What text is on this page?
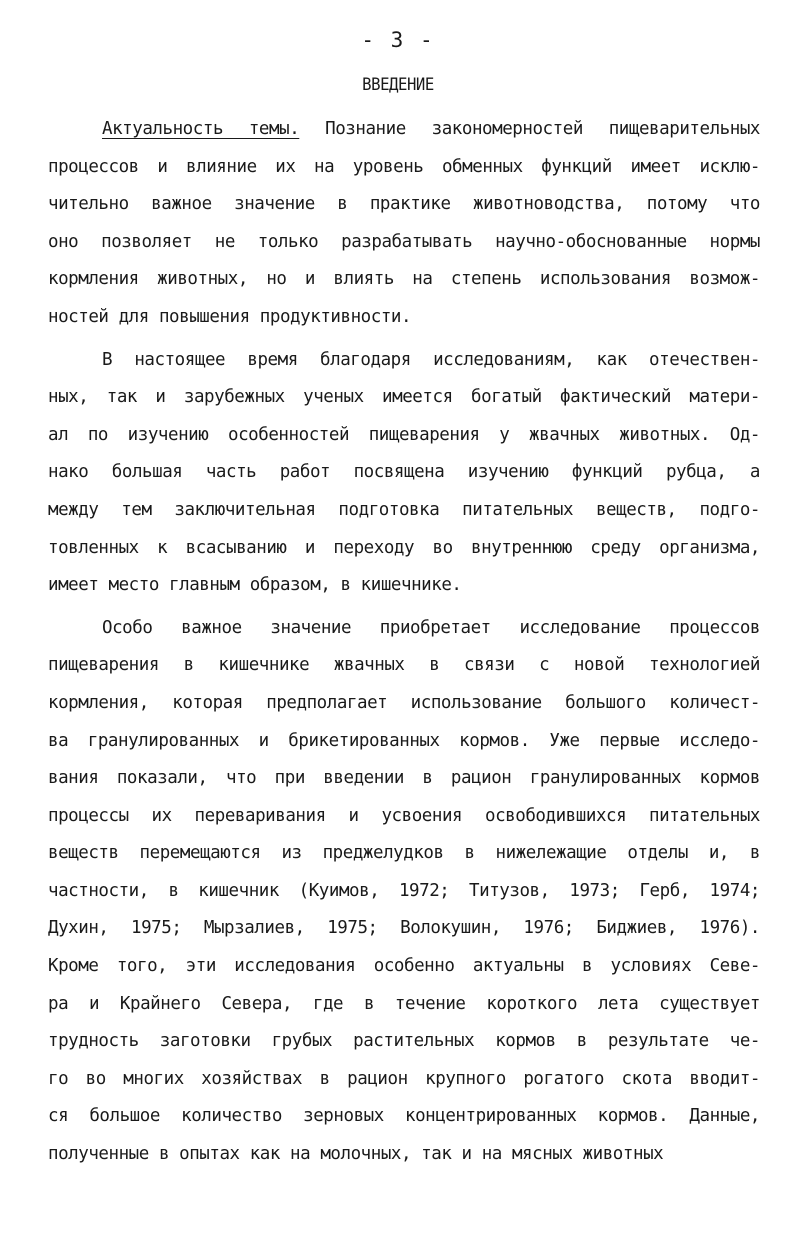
- 3 -
ВВЕДЕНИЕ
Актуальность темы. Познание закономерностей пищеварительных
процессов и влияние их на уровень обменных функций имеет исклю-
чительно важное значение в практике животноводства, потому что
оно позволяет не только разрабатывать научно-обоснованные нормы
кормления животных, но и влиять на степень использования возмож-
ностей для повышения продуктивности.
В настоящее время благодаря исследованиям, как отечествен-
ных, так и зарубежных ученых имеется богатый фактический матери-
ал по изучению особенностей пищеварения у жвачных животных. Од-
нако большая часть работ посвящена изучению функций рубца, а
между тем заключительная подготовка питательных веществ, подго-
товленных к всасыванию и переходу во внутреннюю среду организма,
имеет место главным образом, в кишечнике.
Особо важное значение приобретает исследование процессов
пищеварения в кишечнике жвачных в связи с новой технологией
кормления, которая предполагает использование большого количест-
ва гранулированных и брикетированных кормов. Уже первые исследо-
вания показали, что при введении в рацион гранулированных кормов
процессы их переваривания и усвоения освободившихся питательных
веществ перемещаются из преджелудков в нижележащие отделы и, в
частности, в кишечник (Куимов, 1972; Титузов, 1973; Герб, 1974;
Духин, 1975; Мырзалиев, 1975; Волокушин, 1976; Биджиев, 1976).
Кроме того, эти исследования особенно актуальны в условиях Севе-
ра и Крайнего Севера, где в течение короткого лета существует
трудность заготовки грубых растительных кормов в результате че-
го во многих хозяйствах в рацион крупного рогатого скота вводит-
ся большое количество зерновых концентрированных кормов. Данные,
полученные в опытах как на молочных, так и на мясных животных
